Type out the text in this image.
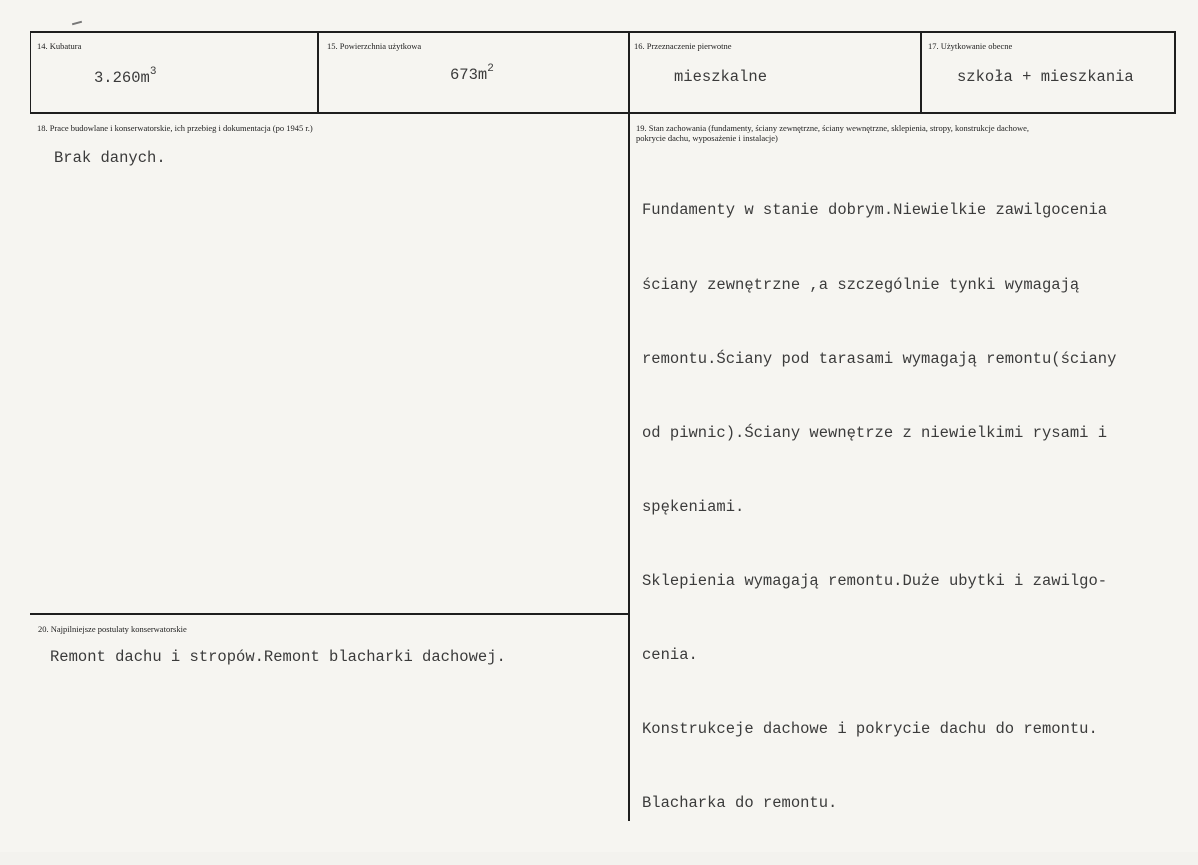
14. Kubatura
$3.260m^3$
15. Powierzchnia użytkowa
$673m^2$
16. Przeznaczenie pierwotne
mieszkalne
17. Użytkowanie obecne
szkoła + mieszkania
18. Prace budowlane i konserwatorskie, ich przebieg i dokumentacja (po 1945 r.)
Brak danych.
19. Stan zachowania (fundamenty, ściany zewnętrzne, ściany wewnętrzne, sklepienia, stropy, konstrukcje dachowe,
pokrycie dachu, wyposażenie i instalacje)

Fundamenty w stanie dobrym.Niewielkie zawilgocenia

ściany zewnętrzne ,a szczególnie tynki wymagają

remontu.Ściany pod tarasami wymagają remontu(ściany

od piwnic).Ściany wewnętrze z niewielkimi rysami i

spękeniami.

Sklepienia wymagają remontu.Duże ubytki i zawilgo-

cenia.

Konstrukceje dachowe i pokrycie dachu do remontu.

Blacharka do remontu.

20. Najpilniejsze postulaty konserwatorskie
Remont dachu i stropów.Remont blacharki dachowej.
